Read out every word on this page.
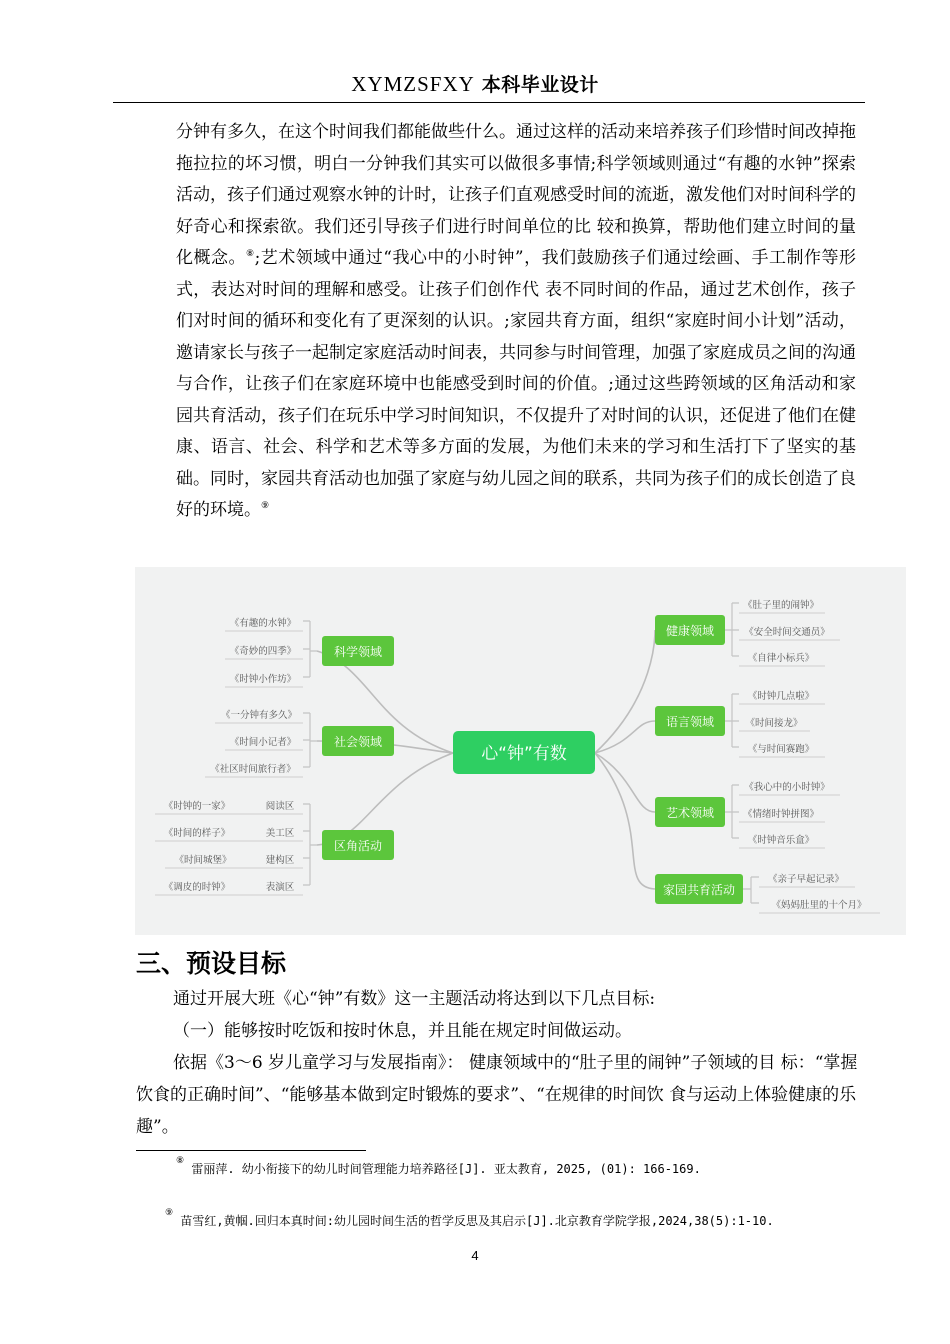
XYMZSFXY 本科毕业设计

分钟有多久，在这个时间我们都能做些什么。通过这样的活动来培养孩子们珍惜时间改掉拖拖拉拉的坏习惯，明白一分钟我们其实可以做很多事情;科学领域则通过“有趣的水钟”探索活动，孩子们通过观察水钟的计时，让孩子们直观感受时间的流逝，激发他们对时间科学的好奇心和探索欲。我们还引导孩子们进行时间单位的比 较和换算，帮助他们建立时间的量化概念。⑧;艺术领域中通过“我心中的小时钟”，我们鼓励孩子们通过绘画、手工制作等形式，表达对时间的理解和感受。让孩子们创作代 表不同时间的作品，通过艺术创作，孩子们对时间的循环和变化有了更深刻的认识。;家园共育方面，组织“家庭时间小计划”活动，邀请家长与孩子一起制定家庭活动时间表，共同参与时间管理，加强了家庭成员之间的沟通与合作，让孩子们在家庭环境中也能感受到时间的价值。;通过这些跨领域的区角活动和家园共育活动，孩子们在玩乐中学习时间知识，不仅提升了对时间的认识，还促进了他们在健康、语言、社会、科学和艺术等多方面的发展，为他们未来的学习和生活打下了坚实的基础。同时，家园共育活动也加强了家庭与幼儿园之间的联系，共同为孩子们的成长创造了良好的环境。⑨

心“钟”有数
科学领域
社会领域
区角活动
健康领域
语言领域
艺术领域
家园共育活动
《有趣的水钟》
《奇妙的四季》
《时钟小作坊》
《一分钟有多久》
《时间小记者》
《社区时间旅行者》
《时钟的一家》
《时间的样子》
《时间城堡》
《调皮的时钟》
阅读区
美工区
建构区
表演区
《肚子里的闹钟》
《安全时间交通员》
《自律小标兵》
《时钟几点啦》
《时间接龙》
《与时间赛跑》
《我心中的小时钟》
《情绪时钟拼图》
《时钟音乐盒》
《亲子早起记录》
《妈妈肚里的十个月》
三、预设目标

通过开展大班《心“钟”有数》这一主题活动将达到以下几点目标:

（一）能够按时吃饭和按时休息，并且能在规定时间做运动。

依据《3～6 岁儿童学习与发展指南》： 健康领域中的“肚子里的闹钟”子领域的目 标：“掌握饮食的正确时间”、“能够基本做到定时锻炼的要求”、“在规律的时间饮 食与运动上体验健康的乐趣”。

⑧ 雷丽萍. 幼小衔接下的幼儿时间管理能力培养路径[J]. 亚太教育, 2025, (01): 166-169.

⑨ 苗雪红,黄帼.回归本真时间:幼儿园时间生活的哲学反思及其启示[J].北京教育学院学报,2024,38(5):1-10.

4
